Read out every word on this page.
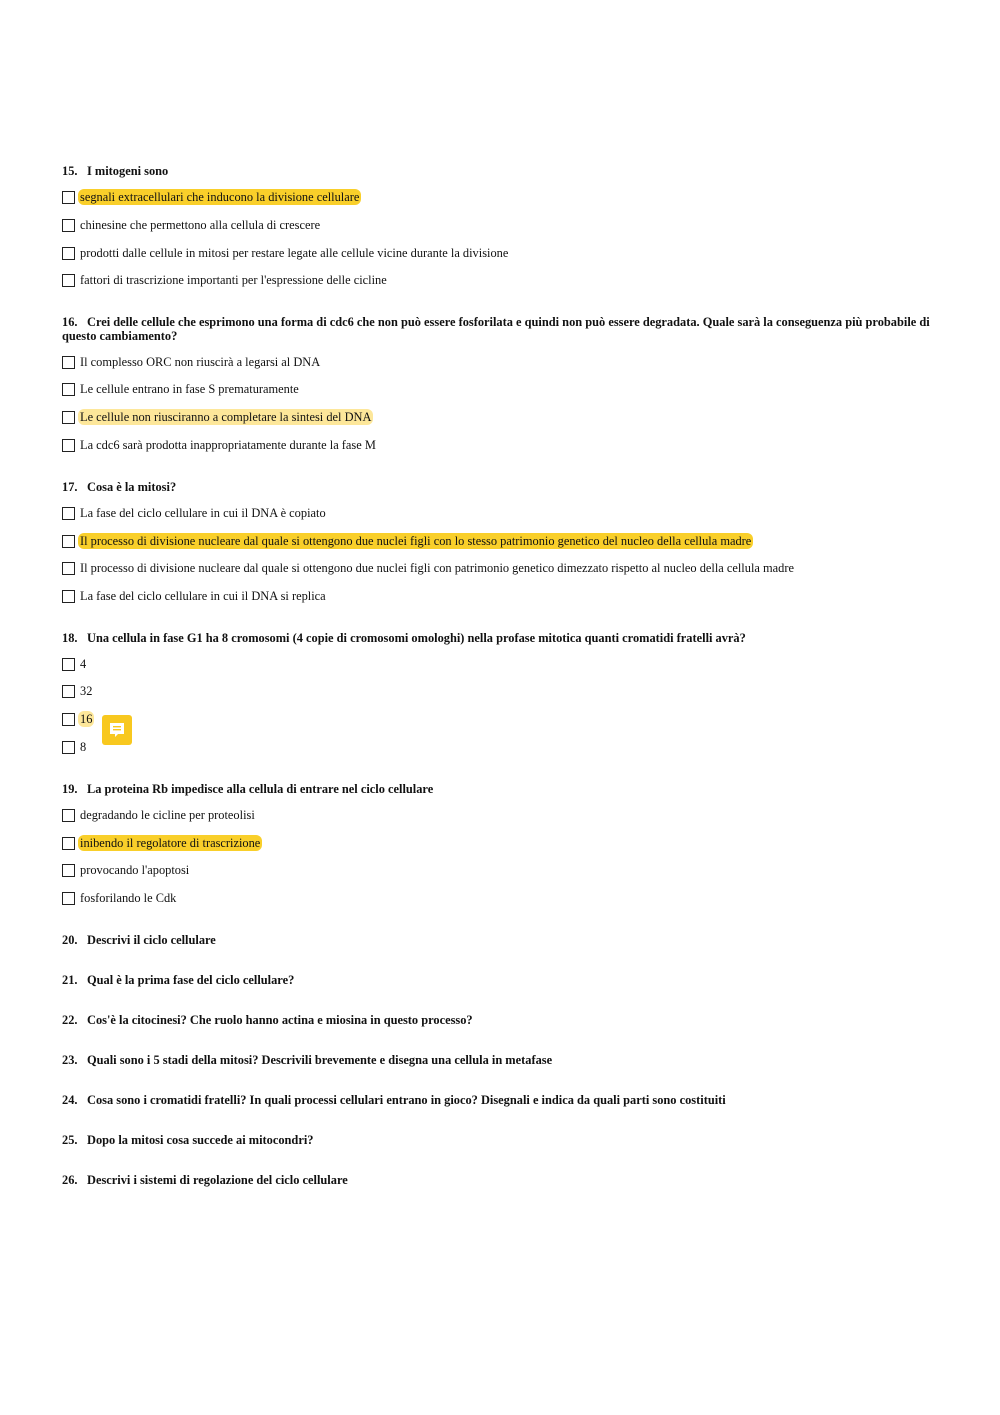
15. I mitogeni sono
segnali extracellulari che inducono la divisione cellulare
chinesine che permettono alla cellula di crescere
prodotti dalle cellule in mitosi per restare legate alle cellule vicine durante la divisione
fattori di trascrizione importanti per l'espressione delle cicline
16. Crei delle cellule che esprimono una forma di cdc6 che non può essere fosforilata e quindi non può essere degradata. Quale sarà la conseguenza più probabile di questo cambiamento?
Il complesso ORC non riuscirà a legarsi al DNA
Le cellule entrano in fase S prematuramente
Le cellule non riusciranno a completare la sintesi del DNA
La cdc6 sarà prodotta inappropriatamente durante la fase M
17. Cosa è la mitosi?
La fase del ciclo cellulare in cui il DNA è copiato
Il processo di divisione nucleare dal quale si ottengono due nuclei figli con lo stesso patrimonio genetico del nucleo della cellula madre
Il processo di divisione nucleare dal quale si ottengono due nuclei figli con patrimonio genetico dimezzato rispetto al nucleo della cellula madre
La fase del ciclo cellulare in cui il DNA si replica
18. Una cellula in fase G1 ha 8 cromosomi (4 copie di cromosomi omologhi) nella profase mitotica quanti cromatidi fratelli avrà?
4
32
16
8
19. La proteina Rb impedisce alla cellula di entrare nel ciclo cellulare
degradando le cicline per proteolisi
inibendo il regolatore di trascrizione
provocando l'apoptosi
fosforilando le Cdk
20. Descrivi il ciclo cellulare
21. Qual è la prima fase del ciclo cellulare?
22. Cos'è la citocinesi? Che ruolo hanno actina e miosina in questo processo?
23. Quali sono i 5 stadi della mitosi? Descrivili brevemente e disegna una cellula in metafase
24. Cosa sono i cromatidi fratelli? In quali processi cellulari entrano in gioco? Disegnali e indica da quali parti sono costituiti
25. Dopo la mitosi cosa succede ai mitocondri?
26. Descrivi i sistemi di regolazione del ciclo cellulare
